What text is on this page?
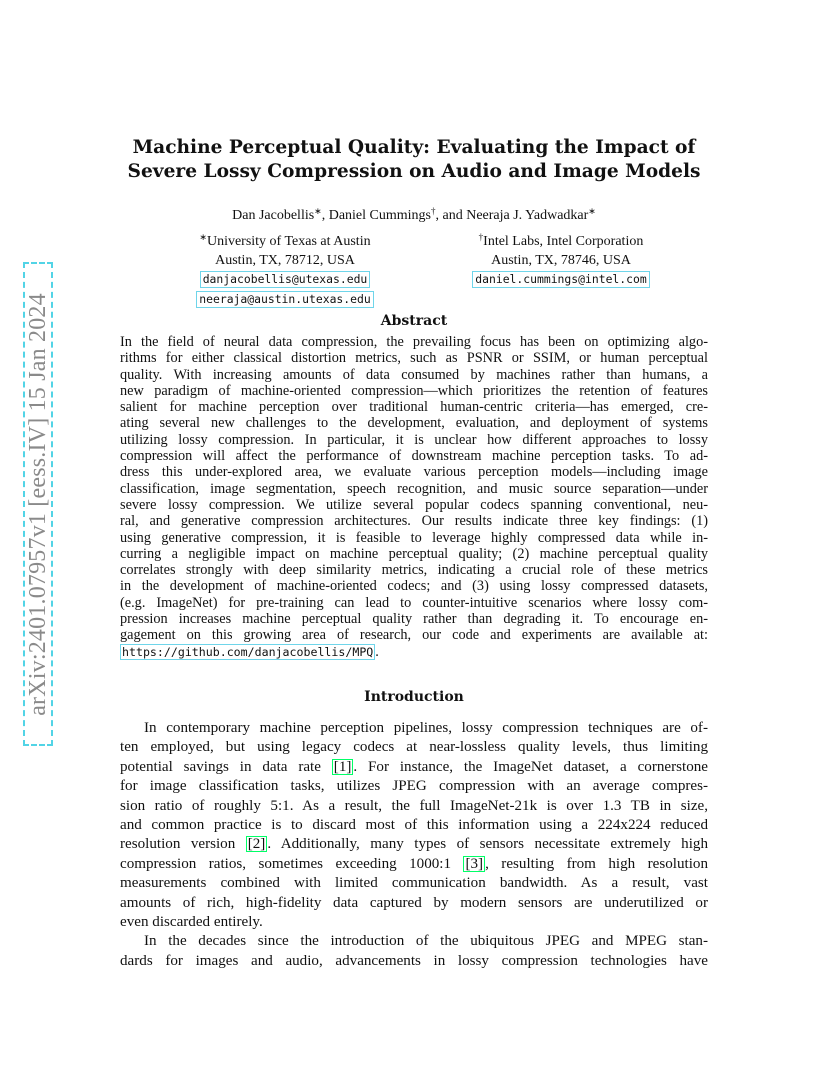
arXiv:2401.07957v1 [eess.IV] 15 Jan 2024
Machine Perceptual Quality: Evaluating the Impact of
Severe Lossy Compression on Audio and Image Models
Dan Jacobellis∗, Daniel Cummings†, and Neeraja J. Yadwadkar∗
∗University of Texas at Austin
Austin, TX, 78712, USA
danjacobellis@utexas.edu
neeraja@austin.utexas.edu
†Intel Labs, Intel Corporation
Austin, TX, 78746, USA
daniel.cummings@intel.com
Abstract
In the field of neural data compression, the prevailing focus has been on optimizing algo-
rithms for either classical distortion metrics, such as PSNR or SSIM, or human perceptual
quality. With increasing amounts of data consumed by machines rather than humans, a
new paradigm of machine-oriented compression—which prioritizes the retention of features
salient for machine perception over traditional human-centric criteria—has emerged, cre-
ating several new challenges to the development, evaluation, and deployment of systems
utilizing lossy compression. In particular, it is unclear how different approaches to lossy
compression will affect the performance of downstream machine perception tasks. To ad-
dress this under-explored area, we evaluate various perception models—including image
classification, image segmentation, speech recognition, and music source separation—under
severe lossy compression. We utilize several popular codecs spanning conventional, neu-
ral, and generative compression architectures. Our results indicate three key findings: (1)
using generative compression, it is feasible to leverage highly compressed data while in-
curring a negligible impact on machine perceptual quality; (2) machine perceptual quality
correlates strongly with deep similarity metrics, indicating a crucial role of these metrics
in the development of machine-oriented codecs; and (3) using lossy compressed datasets,
(e.g. ImageNet) for pre-training can lead to counter-intuitive scenarios where lossy com-
pression increases machine perceptual quality rather than degrading it. To encourage en-
gagement on this growing area of research, our code and experiments are available at:
https://github.com/danjacobellis/MPQ .
Introduction
In contemporary machine perception pipelines, lossy compression techniques are of-
ten employed, but using legacy codecs at near-lossless quality levels, thus limiting
potential savings in data rate [1] . For instance, the ImageNet dataset, a cornerstone
for image classification tasks, utilizes JPEG compression with an average compres-
sion ratio of roughly 5:1. As a result, the full ImageNet-21k is over 1.3 TB in size,
and common practice is to discard most of this information using a 224x224 reduced
resolution version [2] . Additionally, many types of sensors necessitate extremely high
compression ratios, sometimes exceeding 1000:1 [3] , resulting from high resolution
measurements combined with limited communication bandwidth. As a result, vast
amounts of rich, high-fidelity data captured by modern sensors are underutilized or
even discarded entirely.
In the decades since the introduction of the ubiquitous JPEG and MPEG stan-
dards for images and audio, advancements in lossy compression technologies have
